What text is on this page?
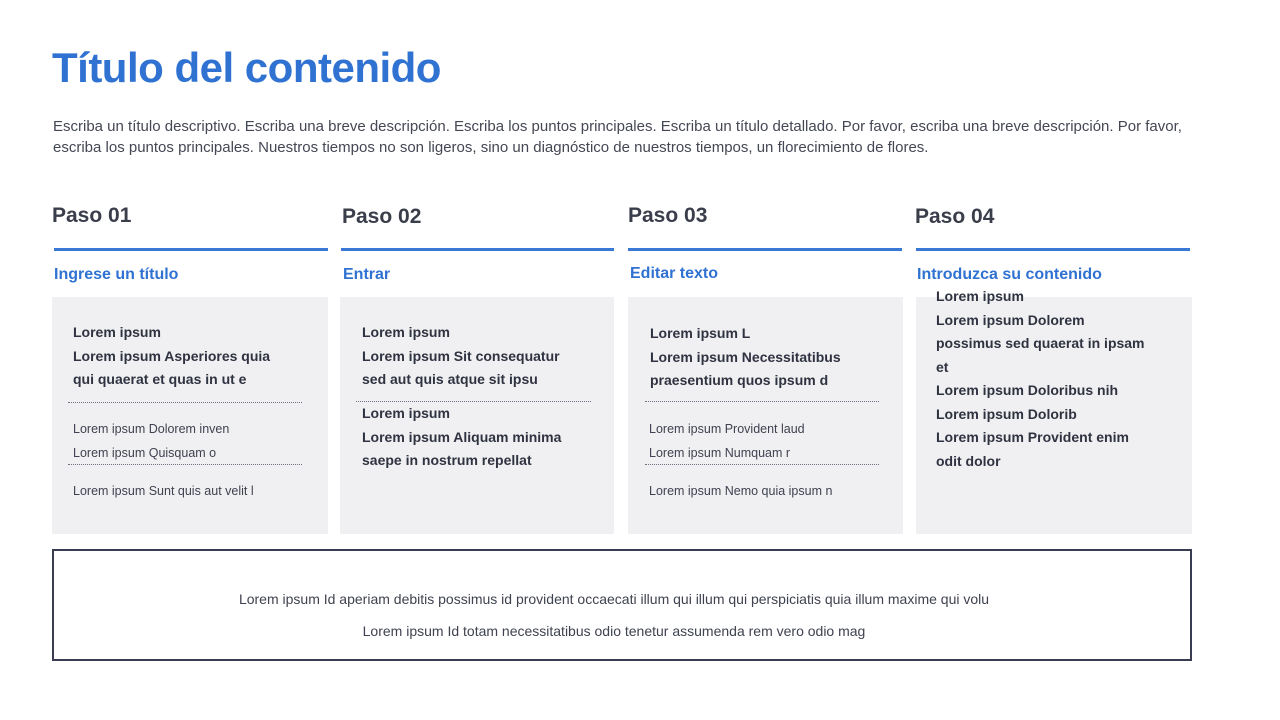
Título del contenido
Escriba un título descriptivo. Escriba una breve descripción. Escriba los puntos principales. Escriba un título detallado. Por favor, escriba una breve descripción. Por favor, escriba los puntos principales. Nuestros tiempos no son ligeros, sino un diagnóstico de nuestros tiempos, un florecimiento de flores.
Paso 01
Ingrese un título
Lorem ipsum
Lorem ipsum Asperiores quia qui quaerat et quas in ut e
Lorem ipsum Dolorem inven
Lorem ipsum Quisquam o
Lorem ipsum Sunt quis aut velit l
Paso 02
Entrar
Lorem ipsum
Lorem ipsum Sit consequatur sed aut quis atque sit ipsu
Lorem ipsum
Lorem ipsum Aliquam minima saepe in nostrum repellat
Paso 03
Editar texto
Lorem ipsum L
Lorem ipsum Necessitatibus praesentium quos ipsum d
Lorem ipsum Provident laud
Lorem ipsum Numquam r
Lorem ipsum Nemo quia ipsum n
Paso 04
Introduzca su contenido
Lorem ipsum
Lorem ipsum Dolorem possimus sed quaerat in ipsam et
Lorem ipsum Doloribus nih
Lorem ipsum Dolorib
Lorem ipsum Provident enim odit dolor
Lorem ipsum Id aperiam debitis possimus id provident occaecati illum qui illum qui perspiciatis quia illum maxime qui volu
Lorem ipsum Id totam necessitatibus odio tenetur assumenda rem vero odio mag
